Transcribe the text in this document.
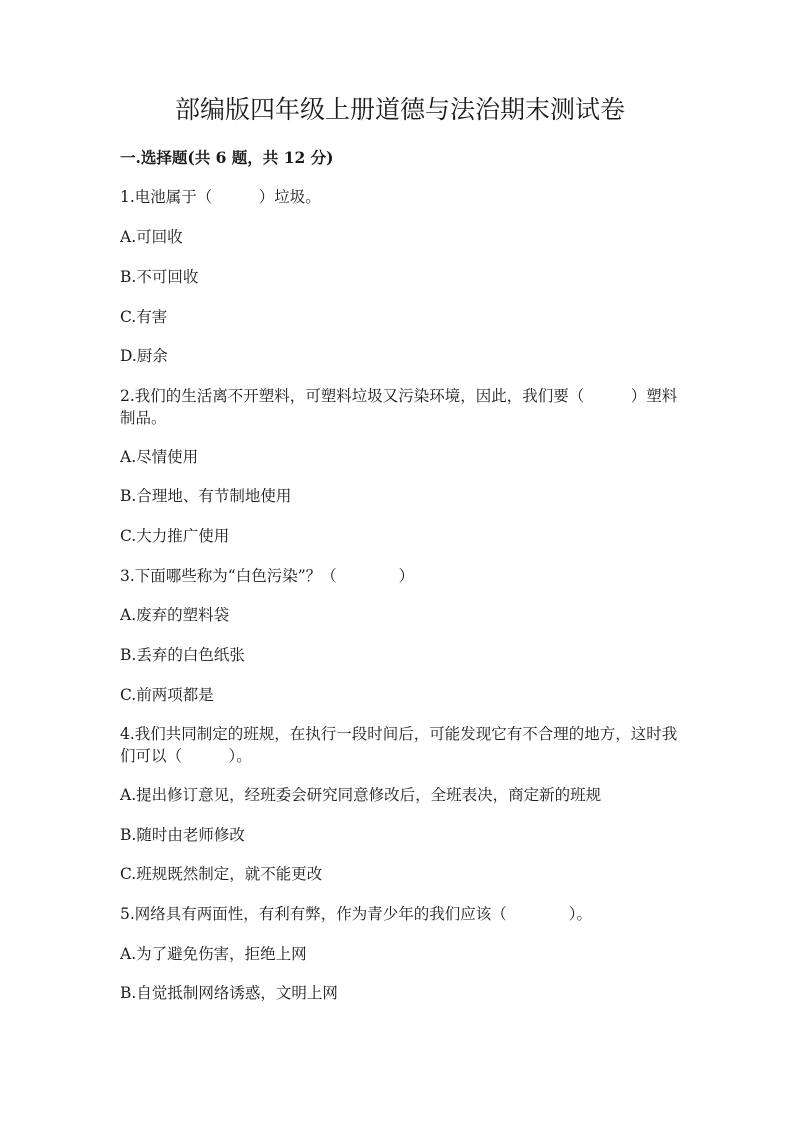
部编版四年级上册道德与法治期末测试卷
一.选择题(共 6 题，共 12 分)

1.电池属于（　　　）垃圾。

A.可回收

B.不可回收

C.有害

D.厨余

2.我们的生活离不开塑料，可塑料垃圾又污染环境，因此，我们要（　　　）塑料制品。

A.尽情使用

B.合理地、有节制地使用

C.大力推广使用

3.下面哪些称为“白色污染”？（　　　　）

A.废弃的塑料袋

B.丢弃的白色纸张

C.前两项都是

4.我们共同制定的班规，在执行一段时间后，可能发现它有不合理的地方，这时我们可以（　　　）。

A.提出修订意见，经班委会研究同意修改后，全班表决，商定新的班规

B.随时由老师修改

C.班规既然制定，就不能更改

5.网络具有两面性，有利有弊，作为青少年的我们应该（　　　　）。

A.为了避免伤害，拒绝上网

B.自觉抵制网络诱惑，文明上网
